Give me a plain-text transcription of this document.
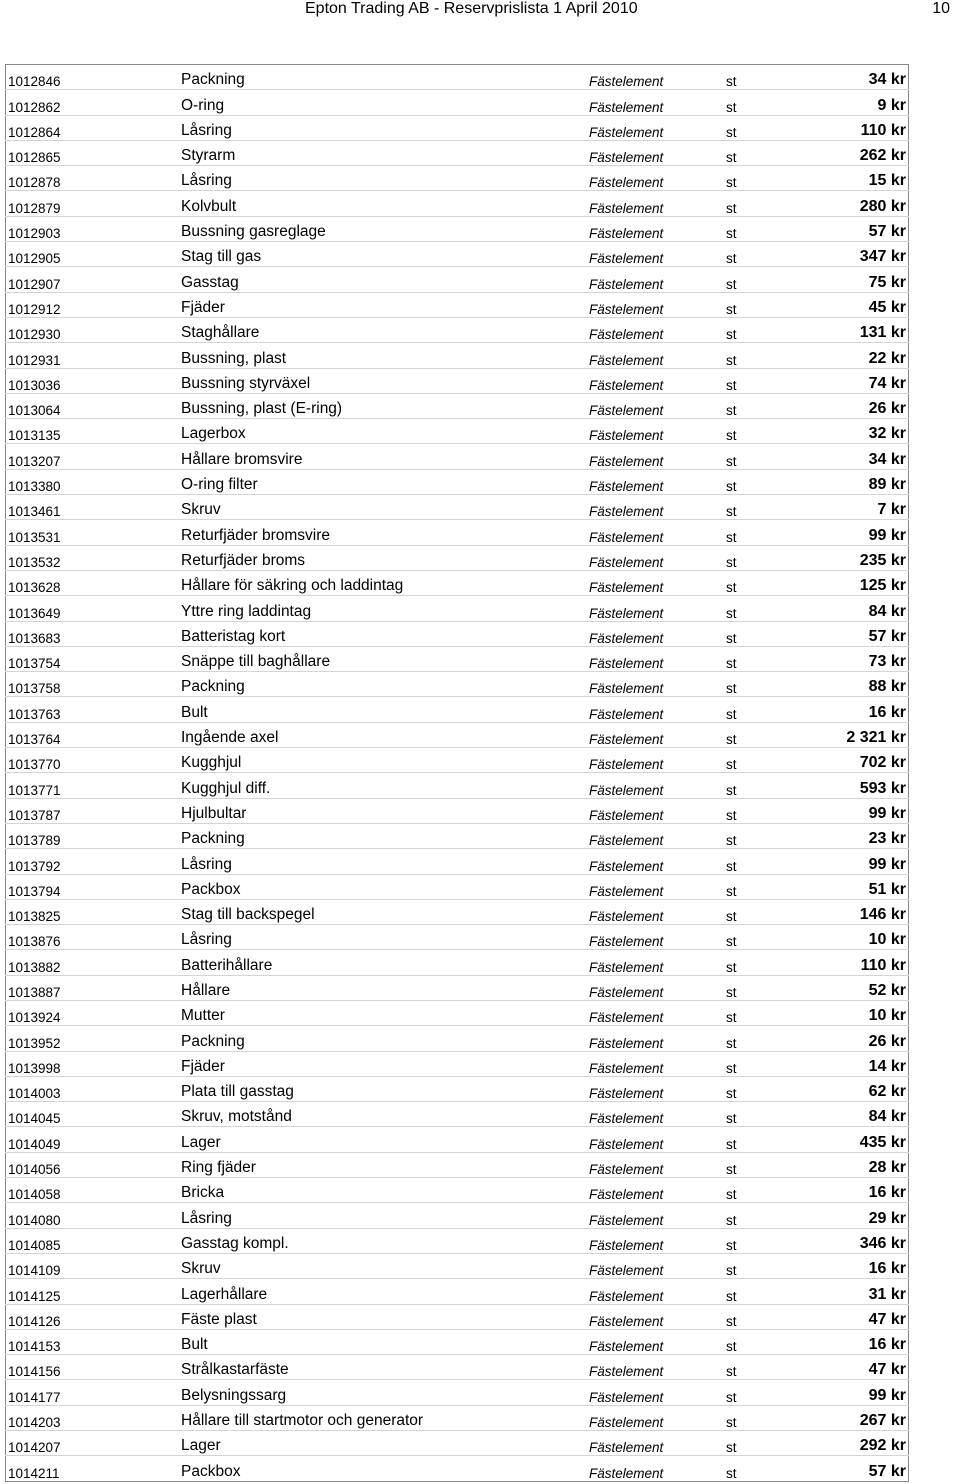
Epton Trading AB - Reservprislista 1 April 2010	10
1012846	Packning	Fästelement	st	34 kr
1012862	O-ring	Fästelement	st	9 kr
1012864	Låsring	Fästelement	st	110 kr
1012865	Styrarm	Fästelement	st	262 kr
1012878	Låsring	Fästelement	st	15 kr
1012879	Kolvbult	Fästelement	st	280 kr
1012903	Bussning gasreglage	Fästelement	st	57 kr
1012905	Stag till gas	Fästelement	st	347 kr
1012907	Gasstag	Fästelement	st	75 kr
1012912	Fjäder	Fästelement	st	45 kr
1012930	Staghållare	Fästelement	st	131 kr
1012931	Bussning, plast	Fästelement	st	22 kr
1013036	Bussning styrväxel	Fästelement	st	74 kr
1013064	Bussning, plast (E-ring)	Fästelement	st	26 kr
1013135	Lagerbox	Fästelement	st	32 kr
1013207	Hållare bromsvire	Fästelement	st	34 kr
1013380	O-ring filter	Fästelement	st	89 kr
1013461	Skruv	Fästelement	st	7 kr
1013531	Returfjäder bromsvire	Fästelement	st	99 kr
1013532	Returfjäder broms	Fästelement	st	235 kr
1013628	Hållare för säkring och laddintag	Fästelement	st	125 kr
1013649	Yttre ring laddintag	Fästelement	st	84 kr
1013683	Batteristag kort	Fästelement	st	57 kr
1013754	Snäppe till baghållare	Fästelement	st	73 kr
1013758	Packning	Fästelement	st	88 kr
1013763	Bult	Fästelement	st	16 kr
1013764	Ingående axel	Fästelement	st	2 321 kr
1013770	Kugghjul	Fästelement	st	702 kr
1013771	Kugghjul diff.	Fästelement	st	593 kr
1013787	Hjulbultar	Fästelement	st	99 kr
1013789	Packning	Fästelement	st	23 kr
1013792	Låsring	Fästelement	st	99 kr
1013794	Packbox	Fästelement	st	51 kr
1013825	Stag till backspegel	Fästelement	st	146 kr
1013876	Låsring	Fästelement	st	10 kr
1013882	Batterihållare	Fästelement	st	110 kr
1013887	Hållare	Fästelement	st	52 kr
1013924	Mutter	Fästelement	st	10 kr
1013952	Packning	Fästelement	st	26 kr
1013998	Fjäder	Fästelement	st	14 kr
1014003	Plata till gasstag	Fästelement	st	62 kr
1014045	Skruv, motstånd	Fästelement	st	84 kr
1014049	Lager	Fästelement	st	435 kr
1014056	Ring fjäder	Fästelement	st	28 kr
1014058	Bricka	Fästelement	st	16 kr
1014080	Låsring	Fästelement	st	29 kr
1014085	Gasstag kompl.	Fästelement	st	346 kr
1014109	Skruv	Fästelement	st	16 kr
1014125	Lagerhållare	Fästelement	st	31 kr
1014126	Fäste plast	Fästelement	st	47 kr
1014153	Bult	Fästelement	st	16 kr
1014156	Strålkastarfäste	Fästelement	st	47 kr
1014177	Belysningssarg	Fästelement	st	99 kr
1014203	Hållare till startmotor och generator	Fästelement	st	267 kr
1014207	Lager	Fästelement	st	292 kr
1014211	Packbox	Fästelement	st	57 kr
